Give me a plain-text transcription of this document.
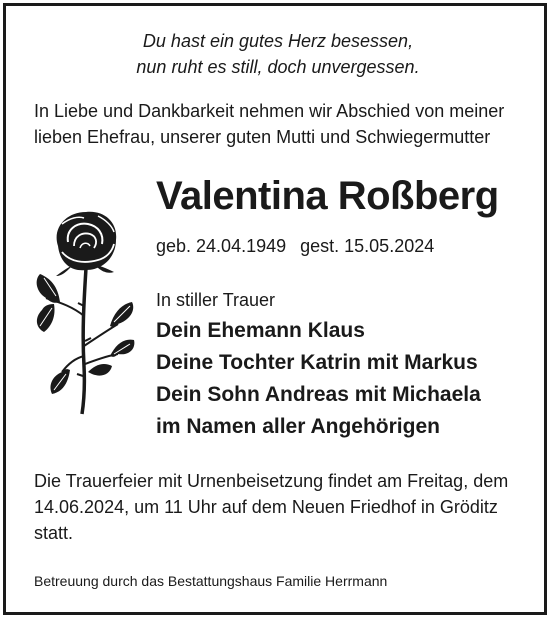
Du hast ein gutes Herz besessen,
nun ruht es still, doch unvergessen.
In Liebe und Dankbarkeit nehmen wir Abschied von meiner lieben Ehefrau, unserer guten Mutti und Schwiegermutter
Valentina Roßberg
geb. 24.04.1949 gest. 15.05.2024
In stiller Trauer
Dein Ehemann Klaus
Deine Tochter Katrin mit Markus
Dein Sohn Andreas mit Michaela
im Namen aller Angehörigen
Die Trauerfeier mit Urnenbeisetzung findet am Freitag, dem 14.06.2024, um 11 Uhr auf dem Neuen Friedhof in Gröditz statt.
Betreuung durch das Bestattungshaus Familie Herrmann
